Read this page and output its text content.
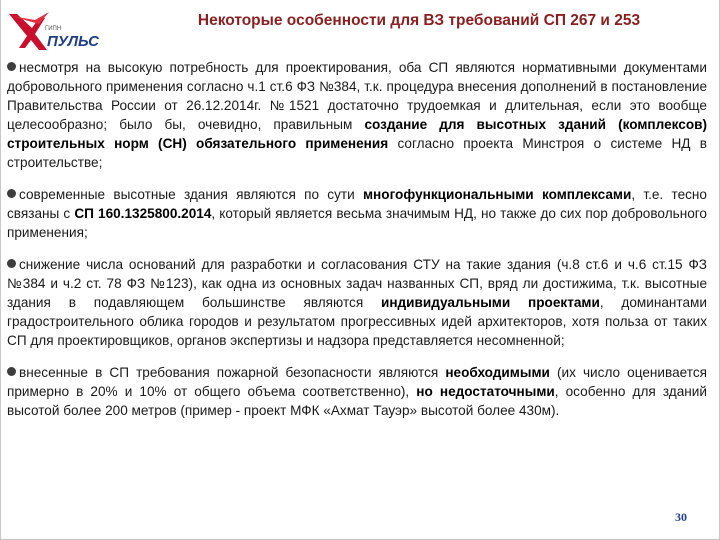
ГИПН
ПУЛЬС
Некоторые особенности для ВЗ требований СП 267 и 253

несмотря на высокую потребность для проектирования, оба СП являются нормативными документами добровольного применения согласно ч.1 ст.6 ФЗ №384, т.к. процедура внесения дополнений в постановление Правительства России от 26.12.2014г. №1521 достаточно трудоемкая и длительная, если это вообще целесообразно; было бы, очевидно, правильным создание для высотных зданий (комплексов) строительных норм (СН) обязательного применения согласно проекта Минстроя о системе НД в строительстве;

современные высотные здания являются по сути многофункциональными комплексами, т.е. тесно связаны с СП 160.1325800.2014, который является весьма значимым НД, но также до сих пор добровольного применения;

снижение числа оснований для разработки и согласования СТУ на такие здания (ч.8 ст.6 и ч.6 ст.15 ФЗ №384 и ч.2 ст. 78 ФЗ №123), как одна из основных задач названных СП, вряд ли достижима, т.к. высотные здания в подавляющем большинстве являются индивидуальными проектами, доминантами градостроительного облика городов и результатом прогрессивных идей архитекторов, хотя польза от таких СП для проектировщиков, органов экспертизы и надзора представляется несомненной;

внесенные в СП требования пожарной безопасности являются необходимыми (их число оценивается примерно в 20% и 10% от общего объема соответственно), но недостаточными, особенно для зданий высотой более 200 метров (пример - проект МФК «Ахмат Тауэр» высотой более 430м).

30
